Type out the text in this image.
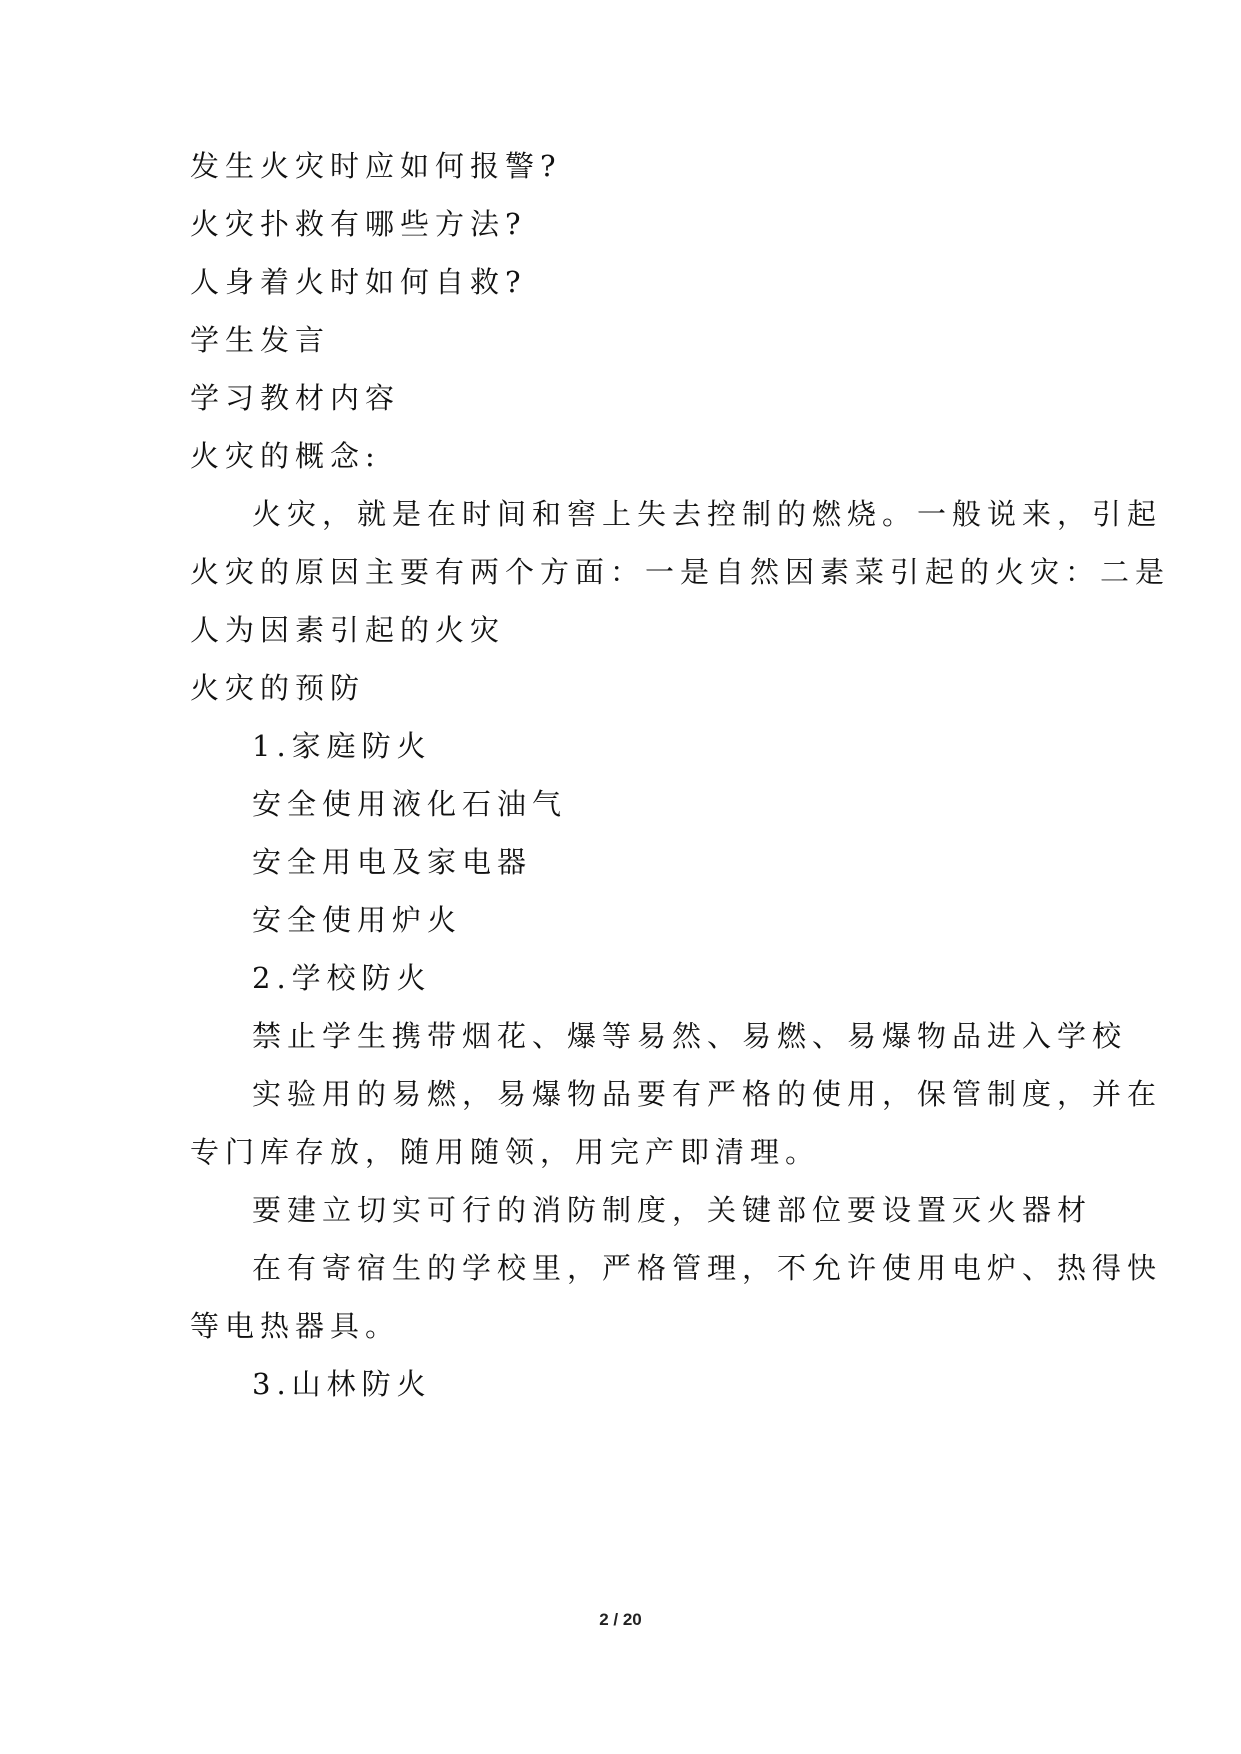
发生火灾时应如何报警?
火灾扑救有哪些方法?
人身着火时如何自救?
学生发言
学习教材内容
火灾的概念:
火灾，就是在时间和窖上失去控制的燃烧。一般说来，引起
火灾的原因主要有两个方面：一是自然因素菜引起的火灾：二是
人为因素引起的火灾
火灾的预防
1.家庭防火
安全使用液化石油气
安全用电及家电器
安全使用炉火
2.学校防火
禁止学生携带烟花、爆等易然、易燃、易爆物品进入学校
实验用的易燃，易爆物品要有严格的使用，保管制度，并在
专门库存放，随用随领，用完产即清理。
要建立切实可行的消防制度，关键部位要设置灭火器材
在有寄宿生的学校里，严格管理，不允许使用电炉、热得快
等电热器具。
3.山林防火
2 / 20
